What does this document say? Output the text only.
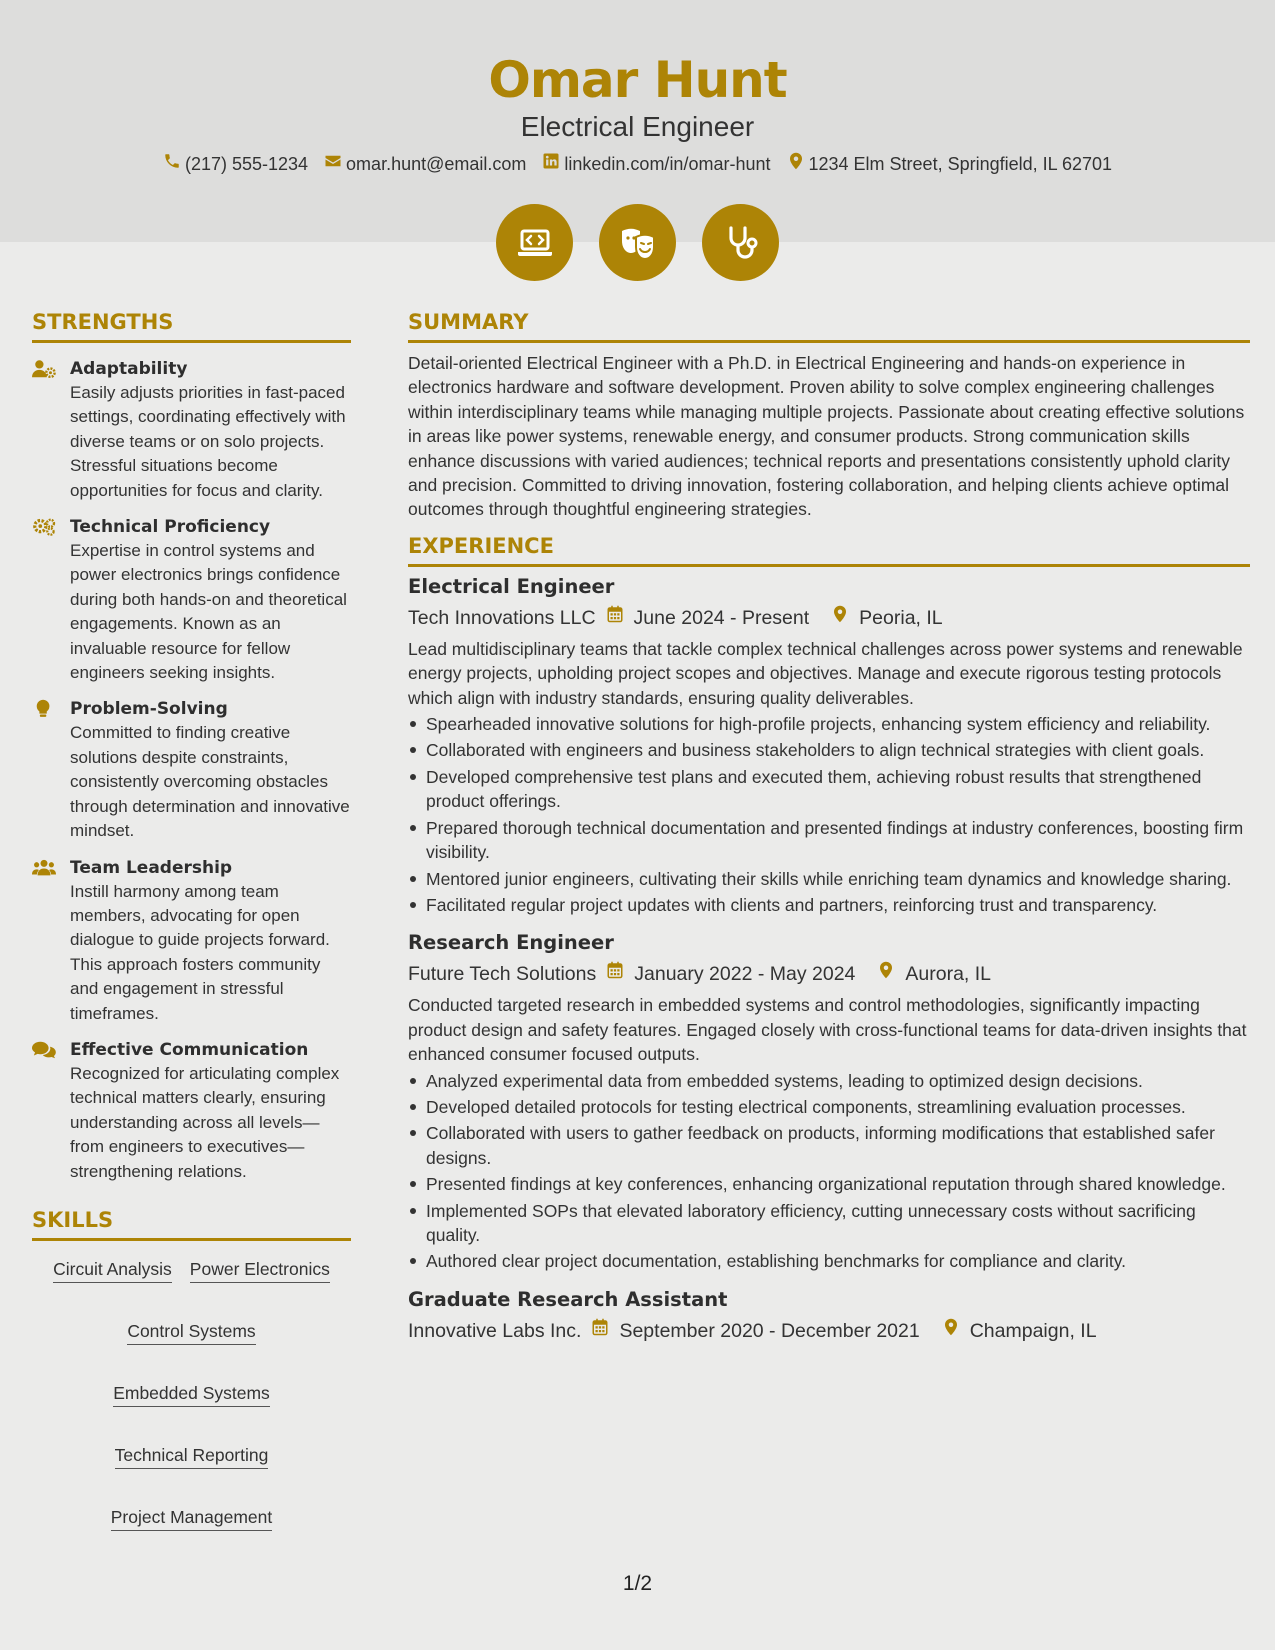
Omar Hunt
Electrical Engineer
(217) 555-1234 omar.hunt@email.com linkedin.com/in/omar-hunt 1234 Elm Street, Springfield, IL 62701
STRENGTHS
Adaptability
Easily adjusts priorities in fast-paced settings, coordinating effectively with diverse teams or on solo projects. Stressful situations become opportunities for focus and clarity.
Technical Proficiency
Expertise in control systems and power electronics brings confidence during both hands-on and theoretical engagements. Known as an invaluable resource for fellow engineers seeking insights.
Problem-Solving
Committed to finding creative solutions despite constraints, consistently overcoming obstacles through determination and innovative mindset.
Team Leadership
Instill harmony among team members, advocating for open dialogue to guide projects forward. This approach fosters community and engagement in stressful timeframes.
Effective Communication
Recognized for articulating complex technical matters clearly, ensuring understanding across all levels—from engineers to executives—strengthening relations.
SKILLS
Circuit Analysis Power Electronics
Control Systems
Embedded Systems
Technical Reporting
Project Management
SUMMARY
Detail-oriented Electrical Engineer with a Ph.D. in Electrical Engineering and hands-on experience in electronics hardware and software development. Proven ability to solve complex engineering challenges within interdisciplinary teams while managing multiple projects. Passionate about creating effective solutions in areas like power systems, renewable energy, and consumer products. Strong communication skills enhance discussions with varied audiences; technical reports and presentations consistently uphold clarity and precision. Committed to driving innovation, fostering collaboration, and helping clients achieve optimal outcomes through thoughtful engineering strategies.
EXPERIENCE
Electrical Engineer
Tech Innovations LLC June 2024 - Present	Peoria, IL
Lead multidisciplinary teams that tackle complex technical challenges across power systems and renewable energy projects, upholding project scopes and objectives. Manage and execute rigorous testing protocols which align with industry standards, ensuring quality deliverables.
Spearheaded innovative solutions for high-profile projects, enhancing system efficiency and reliability.
Collaborated with engineers and business stakeholders to align technical strategies with client goals.
Developed comprehensive test plans and executed them, achieving robust results that strengthened product offerings.
Prepared thorough technical documentation and presented findings at industry conferences, boosting firm visibility.
Mentored junior engineers, cultivating their skills while enriching team dynamics and knowledge sharing.
Facilitated regular project updates with clients and partners, reinforcing trust and transparency.
Research Engineer
Future Tech Solutions January 2022 - May 2024	Aurora, IL
Conducted targeted research in embedded systems and control methodologies, significantly impacting product design and safety features. Engaged closely with cross-functional teams for data-driven insights that enhanced consumer focused outputs.
Analyzed experimental data from embedded systems, leading to optimized design decisions.
Developed detailed protocols for testing electrical components, streamlining evaluation processes.
Collaborated with users to gather feedback on products, informing modifications that established safer designs.
Presented findings at key conferences, enhancing organizational reputation through shared knowledge.
Implemented SOPs that elevated laboratory efficiency, cutting unnecessary costs without sacrificing quality.
Authored clear project documentation, establishing benchmarks for compliance and clarity.
Graduate Research Assistant
Innovative Labs Inc. September 2020 - December 2021	Champaign, IL
1/2
